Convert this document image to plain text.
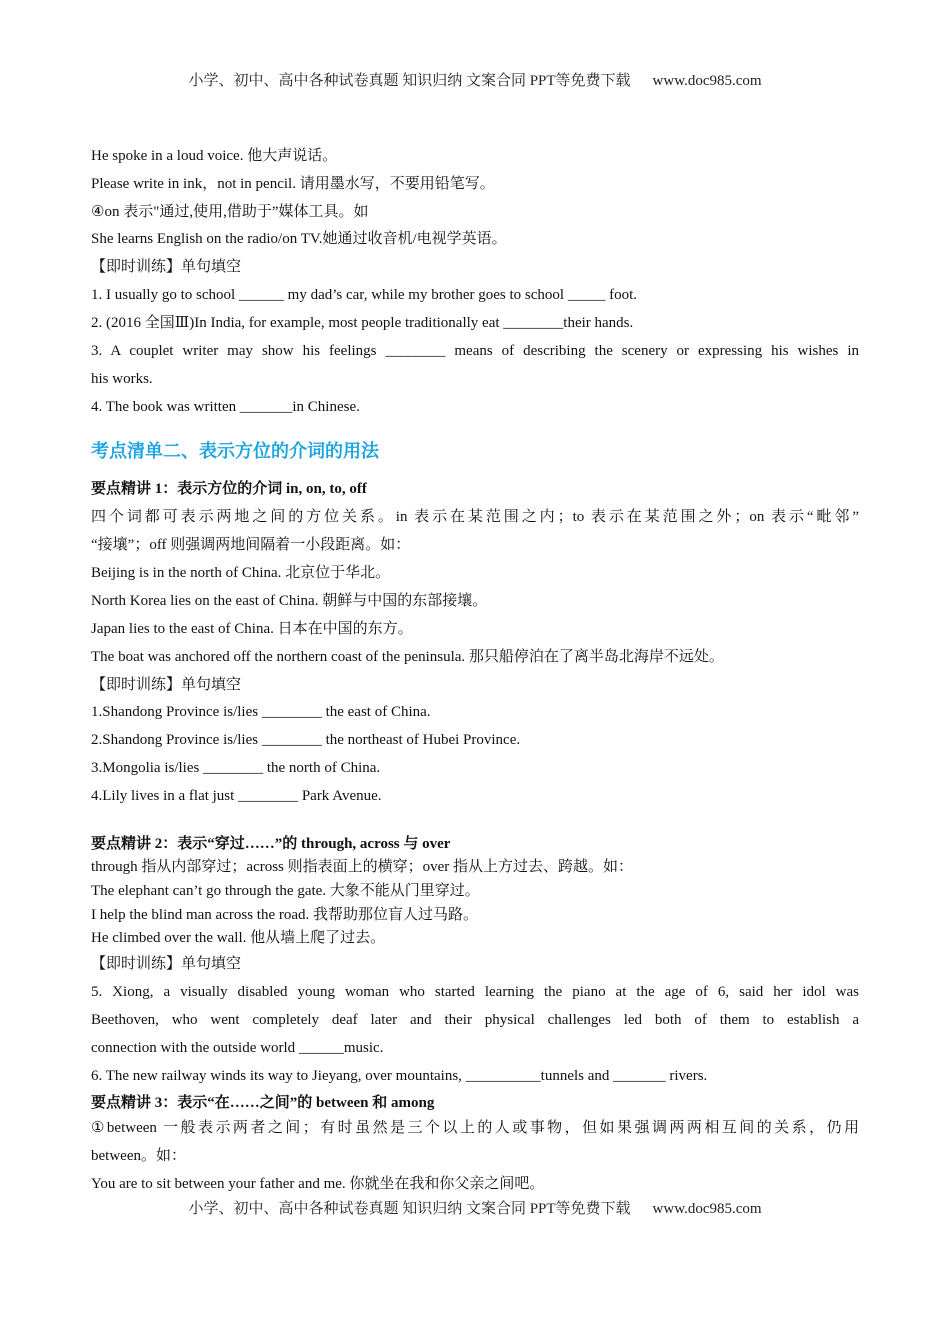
小学、初中、高中各种试卷真题 知识归纳 文案合同 PPT等免费下载 www.doc985.com
He spoke in a loud voice. 他大声说话。
Please write in ink，not in pencil. 请用墨水写，不要用铅笔写。
④on 表示"通过,使用,借助于”媒体工具。如
She learns English on the radio/on TV.她通过收音机/电视学英语。
【即时训练】单句填空
1. I usually go to school ______ my dad’s car, while my brother goes to school _____ foot.
2. (2016 全国Ⅲ)In India, for example, most people traditionally eat ________their hands.
3. A couplet writer may show his feelings ________ means of describing the scenery or expressing his wishes in
his works.
4. The book was written _______in Chinese.
考点清单二、表示方位的介词的用法
要点精讲 1：表示方位的介词 in, on, to, off
四个词都可表示两地之间的方位关系。in 表示在某范围之内；to 表示在某范围之外；on 表示“毗邻”
“接壤”；off 则强调两地间隔着一小段距离。如：
Beijing is in the north of China. 北京位于华北。
North Korea lies on the east of China. 朝鲜与中国的东部接壤。
Japan lies to the east of China. 日本在中国的东方。
The boat was anchored off the northern coast of the peninsula. 那只船停泊在了离半岛北海岸不远处。
【即时训练】单句填空
1.Shandong Province is/lies ________ the east of China.
2.Shandong Province is/lies ________ the northeast of Hubei Province.
3.Mongolia is/lies ________ the north of China.
4.Lily lives in a flat just ________ Park Avenue.
要点精讲 2：表示“穿过……”的 through, across 与 over
through 指从内部穿过；across 则指表面上的横穿；over 指从上方过去、跨越。如：
The elephant can’t go through the gate. 大象不能从门里穿过。
I help the blind man across the road. 我帮助那位盲人过马路。
He climbed over the wall. 他从墙上爬了过去。
【即时训练】单句填空
5. Xiong, a visually disabled young woman who started learning the piano at the age of 6, said her idol was
Beethoven, who went completely deaf later and their physical challenges led both of them to establish a
connection with the outside world ______music.
6. The new railway winds its way to Jieyang, over mountains, __________tunnels and _______ rivers.
要点精讲 3：表示“在……之间”的 between 和 among
①between 一般表示两者之间；有时虽然是三个以上的人或事物，但如果强调两两相互间的关系，仍用
between。如：
You are to sit between your father and me. 你就坐在我和你父亲之间吧。
小学、初中、高中各种试卷真题 知识归纳 文案合同 PPT等免费下载 www.doc985.com
